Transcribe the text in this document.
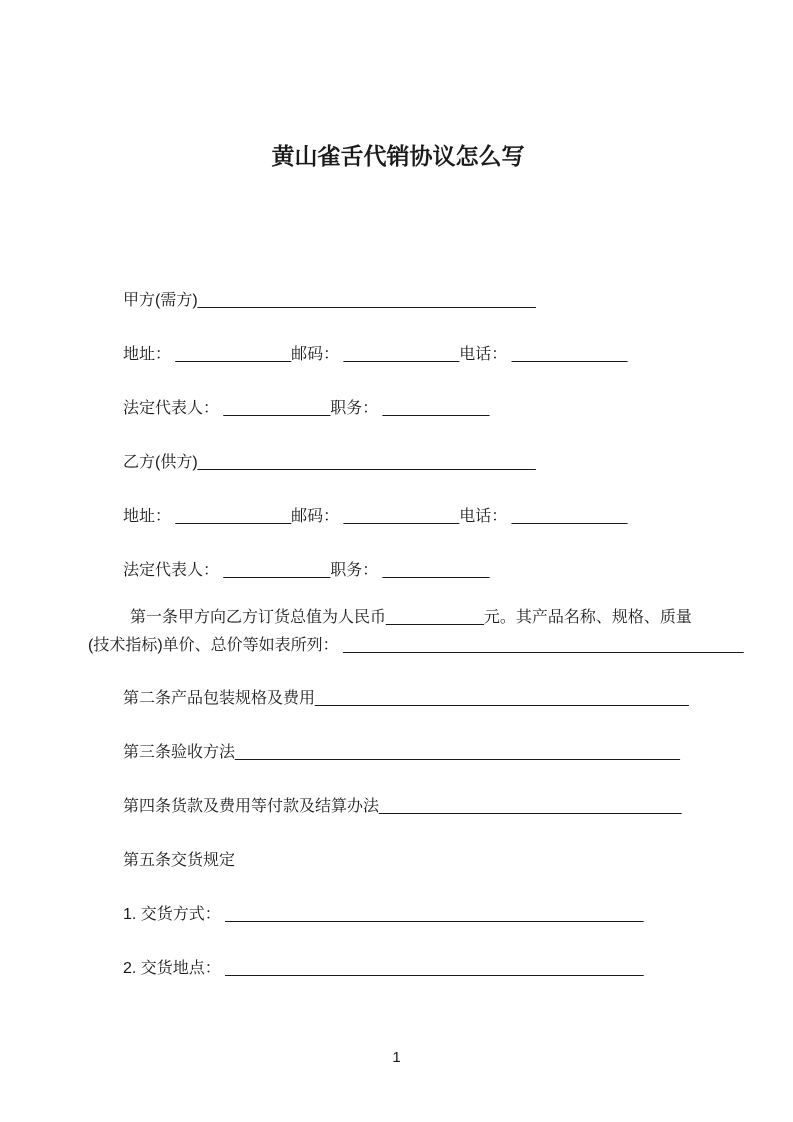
黄山雀舌代销协议怎么写

甲方(需方)______________________________________

地址： _____________邮码： _____________电话： _____________

法定代表人： ____________职务： ____________

乙方(供方)______________________________________

地址： _____________邮码： _____________电话： _____________

法定代表人： ____________职务： ____________

第一条甲方向乙方订货总值为人民币___________元。其产品名称、规格、质量

(技术指标)单价、总价等如表所列： _____________________________________________

第二条产品包装规格及费用__________________________________________

第三条验收方法__________________________________________________

第四条货款及费用等付款及结算办法__________________________________

第五条交货规定

1. 交货方式： _______________________________________________

2. 交货地点： _______________________________________________

1
